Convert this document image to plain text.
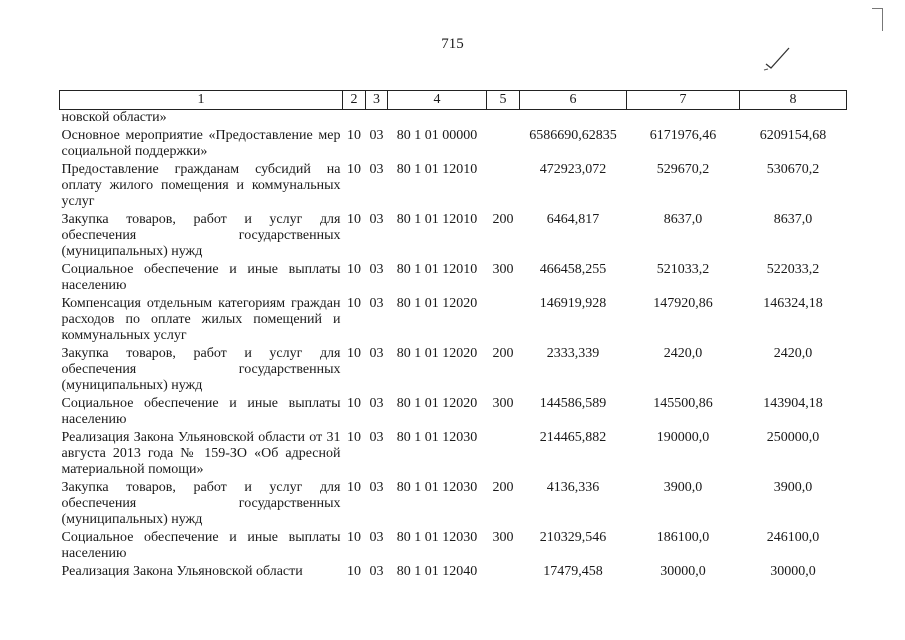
715
1	2	3	4	5	6	7	8
новской области»							
Основное мероприятие «Предоставление мер социальной поддержки»	10	03	80 1 01 00000		6586690,62835	6171976,46	6209154,68
Предоставление гражданам субсидий на оплату жилого помещения и коммунальных услуг	10	03	80 1 01 12010		472923,072	529670,2	530670,2
Закупка товаров, работ и услуг для обеспечения государственных (муниципальных) нужд	10	03	80 1 01 12010	200	6464,817	8637,0	8637,0
Социальное обеспечение и иные выплаты населению	10	03	80 1 01 12010	300	466458,255	521033,2	522033,2
Компенсация отдельным категориям граждан расходов по оплате жилых помещений и коммунальных услуг	10	03	80 1 01 12020		146919,928	147920,86	146324,18
Закупка товаров, работ и услуг для обеспечения государственных (муниципальных) нужд	10	03	80 1 01 12020	200	2333,339	2420,0	2420,0
Социальное обеспечение и иные выплаты населению	10	03	80 1 01 12020	300	144586,589	145500,86	143904,18
Реализация Закона Ульяновской области от 31 августа 2013 года № 159-ЗО «Об адресной материальной помощи»	10	03	80 1 01 12030		214465,882	190000,0	250000,0
Закупка товаров, работ и услуг для обеспечения государственных (муниципальных) нужд	10	03	80 1 01 12030	200	4136,336	3900,0	3900,0
Социальное обеспечение и иные выплаты населению	10	03	80 1 01 12030	300	210329,546	186100,0	246100,0
Реализация Закона Ульяновской области	10	03	80 1 01 12040		17479,458	30000,0	30000,0
